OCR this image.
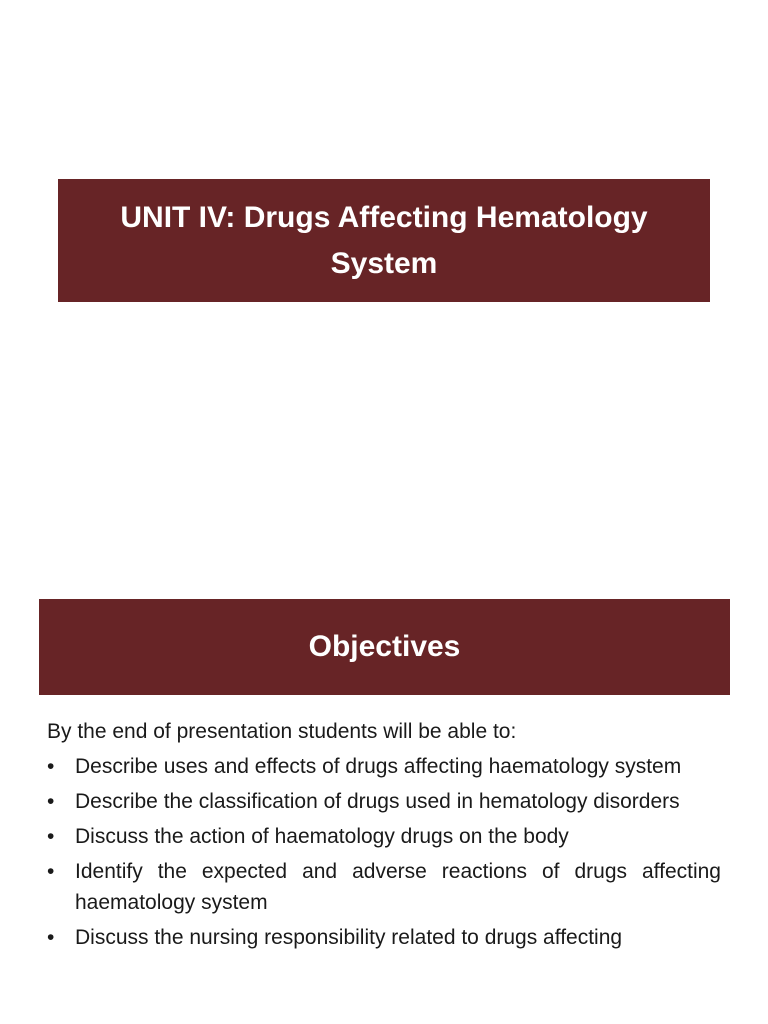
UNIT IV: Drugs Affecting Hematology System
Objectives

By the end of presentation students will be able to:

• Describe uses and effects of drugs affecting haematology system
• Describe the classification of drugs used in hematology disorders
• Discuss the action of haematology drugs on the body
• Identify the expected and adverse reactions of drugs affecting haematology system
• Discuss the nursing responsibility related to drugs affecting
